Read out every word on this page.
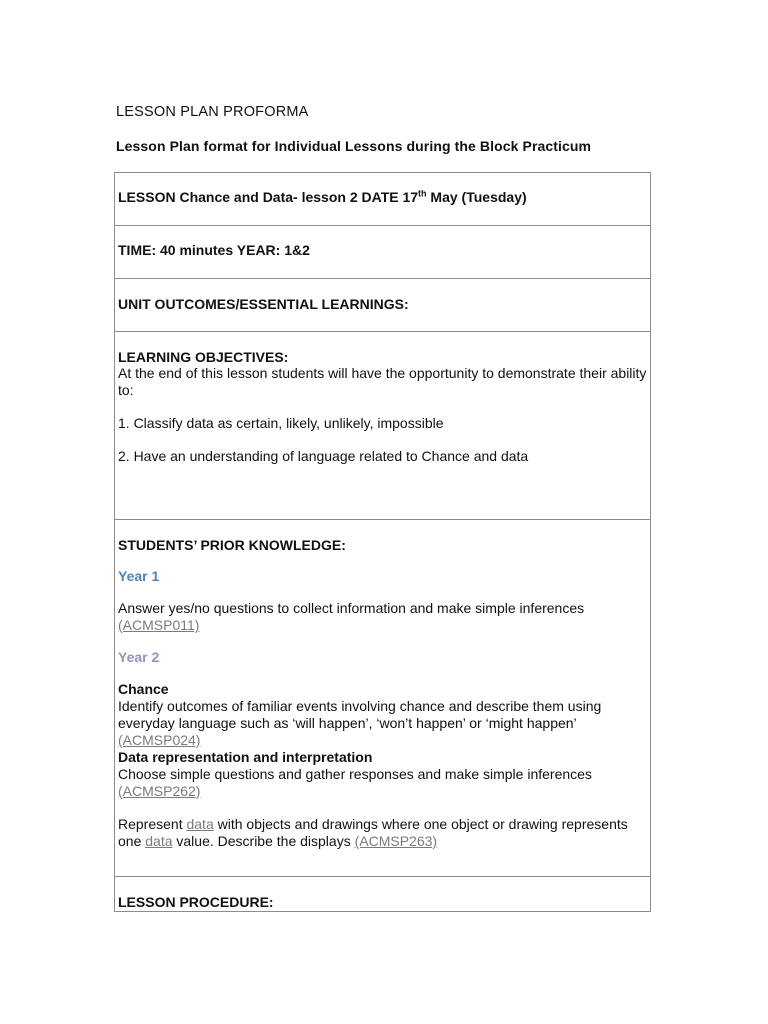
LESSON PLAN PROFORMA
Lesson Plan format for Individual Lessons during the Block Practicum
LESSON Chance and Data- lesson 2 DATE 17th May (Tuesday)

TIME: 40 minutes YEAR: 1&2

UNIT OUTCOMES/ESSENTIAL LEARNINGS:

LEARNING OBJECTIVES:
At the end of this lesson students will have the opportunity to demonstrate their ability to:
1. Classify data as certain, likely, unlikely, impossible
2. Have an understanding of language related to Chance and data

STUDENTS’ PRIOR KNOWLEDGE:
Year 1
Answer yes/no questions to collect information and make simple inferences (ACMSP011)
Year 2
Chance
Identify outcomes of familiar events involving chance and describe them using everyday language such as ‘will happen’, ‘won’t happen’ or ‘might happen’ (ACMSP024)
Data representation and interpretation
Choose simple questions and gather responses and make simple inferences (ACMSP262)
Represent data with objects and drawings where one object or drawing represents one data value. Describe the displays (ACMSP263)

LESSON PROCEDURE:
